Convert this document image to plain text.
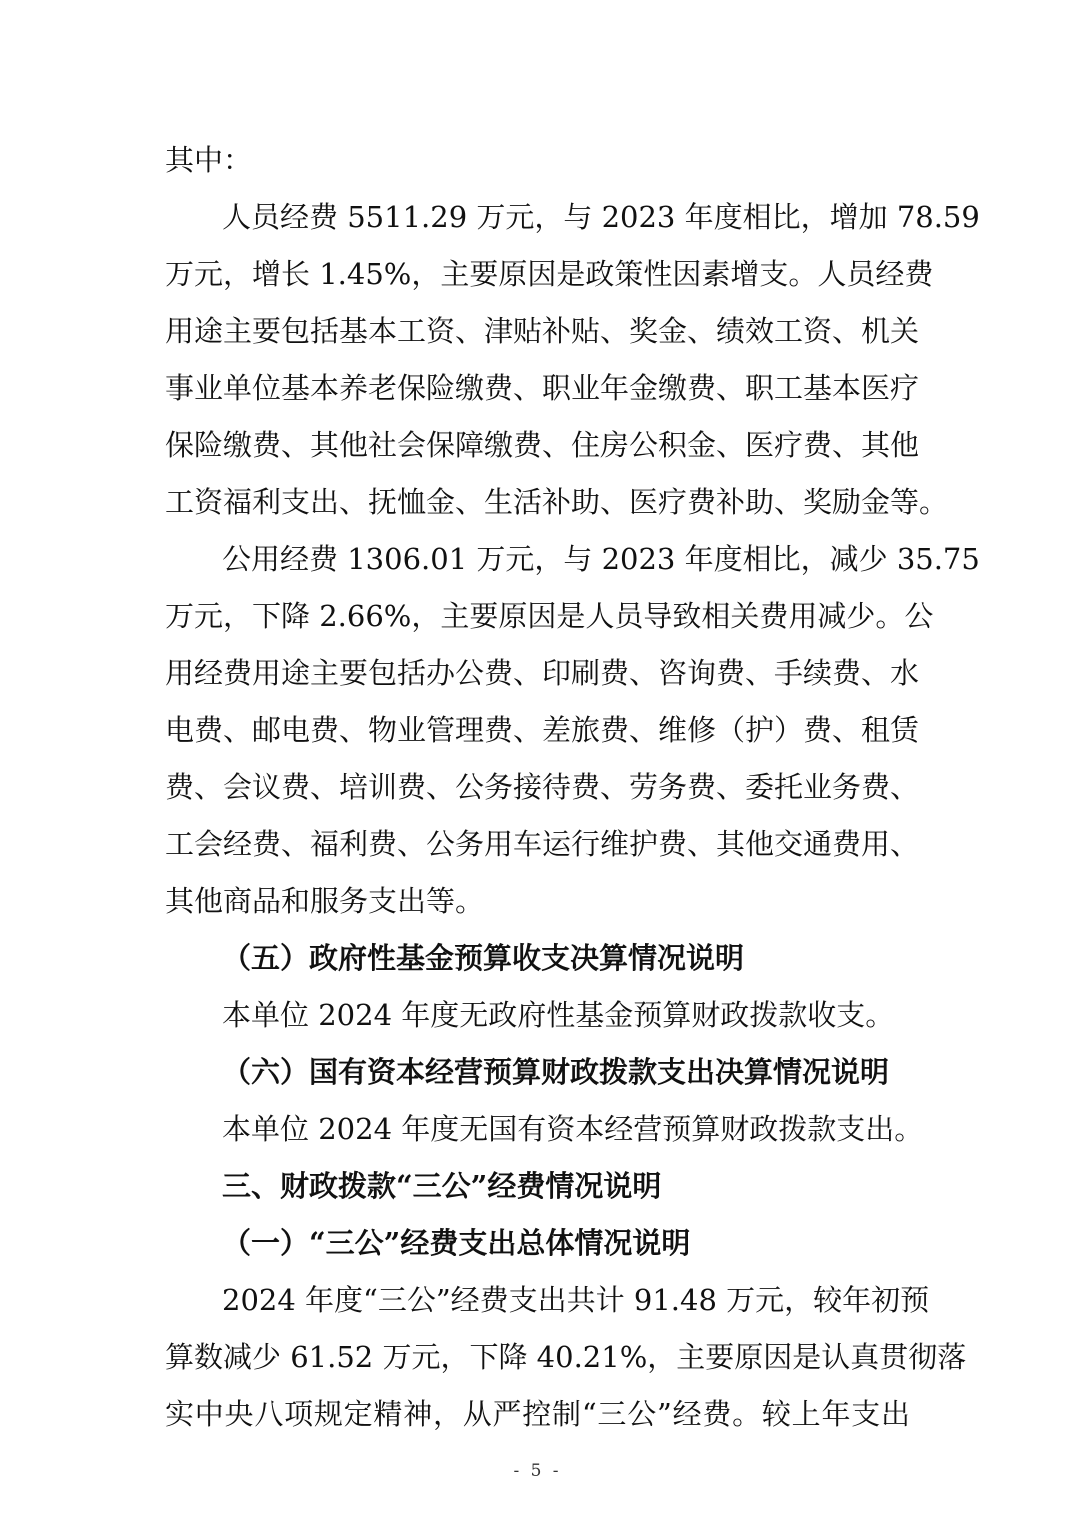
其中：
人员经费 5511.29 万元，与 2023 年度相比，增加 78.59
万元，增长 1.45%，主要原因是政策性因素增支。人员经费
用途主要包括基本工资、津贴补贴、奖金、绩效工资、机关
事业单位基本养老保险缴费、职业年金缴费、职工基本医疗
保险缴费、其他社会保障缴费、住房公积金、医疗费、其他
工资福利支出、抚恤金、生活补助、医疗费补助、奖励金等。
公用经费 1306.01 万元，与 2023 年度相比，减少 35.75
万元，下降 2.66%，主要原因是人员导致相关费用减少。公
用经费用途主要包括办公费、印刷费、咨询费、手续费、水
电费、邮电费、物业管理费、差旅费、维修（护）费、租赁
费、会议费、培训费、公务接待费、劳务费、委托业务费、
工会经费、福利费、公务用车运行维护费、其他交通费用、
其他商品和服务支出等。
（五）政府性基金预算收支决算情况说明
本单位 2024 年度无政府性基金预算财政拨款收支。
（六）国有资本经营预算财政拨款支出决算情况说明
本单位 2024 年度无国有资本经营预算财政拨款支出。
三、财政拨款“三公”经费情况说明
（一）“三公”经费支出总体情况说明
2024 年度“三公”经费支出共计 91.48 万元，较年初预
算数减少 61.52 万元，下降 40.21%，主要原因是认真贯彻落
实中央八项规定精神，从严控制“三公”经费。较上年支出
- 5 -
